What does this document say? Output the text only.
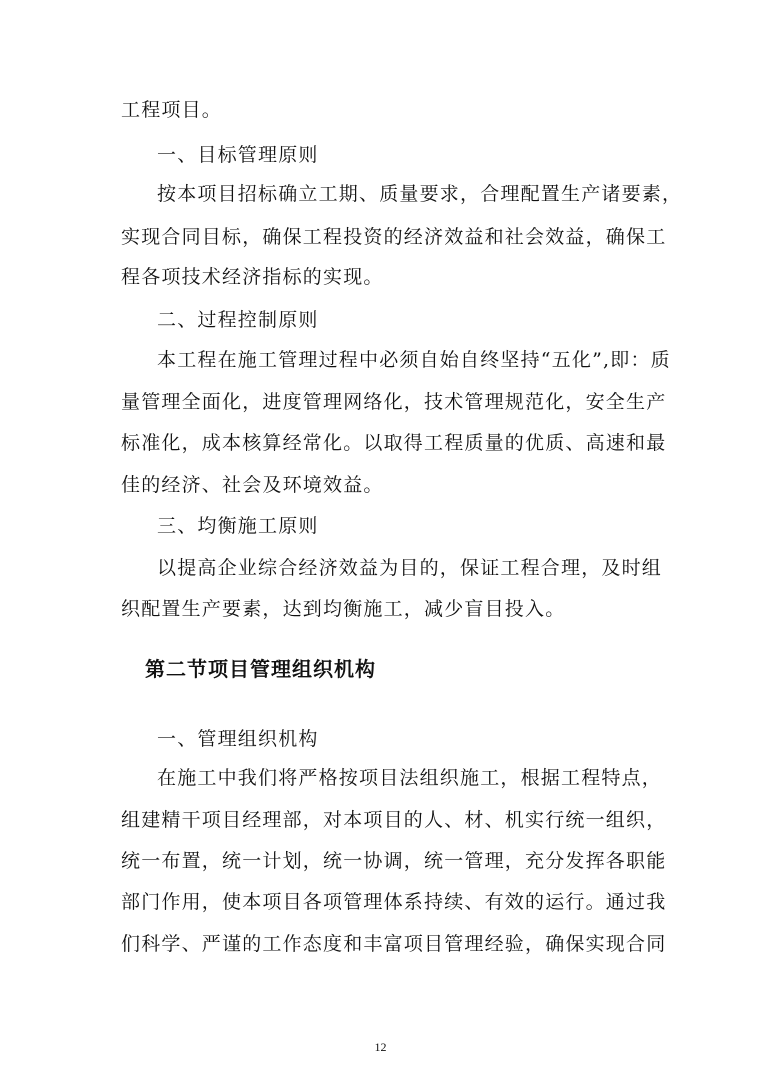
工程项目。
一、目标管理原则
按本项目招标确立工期、质量要求，合理配置生产诸要素，
实现合同目标，确保工程投资的经济效益和社会效益，确保工
程各项技术经济指标的实现。
二、过程控制原则
本工程在施工管理过程中必须自始自终坚持“五化”,即：质
量管理全面化，进度管理网络化，技术管理规范化，安全生产
标准化，成本核算经常化。以取得工程质量的优质、高速和最
佳的经济、社会及环境效益。
三、均衡施工原则
以提高企业综合经济效益为目的，保证工程合理，及时组
织配置生产要素，达到均衡施工，减少盲目投入。
第二节项目管理组织机构
一、管理组织机构
在施工中我们将严格按项目法组织施工，根据工程特点，
组建精干项目经理部，对本项目的人、材、机实行统一组织，
统一布置，统一计划，统一协调，统一管理，充分发挥各职能
部门作用，使本项目各项管理体系持续、有效的运行。通过我
们科学、严谨的工作态度和丰富项目管理经验，确保实现合同
12
